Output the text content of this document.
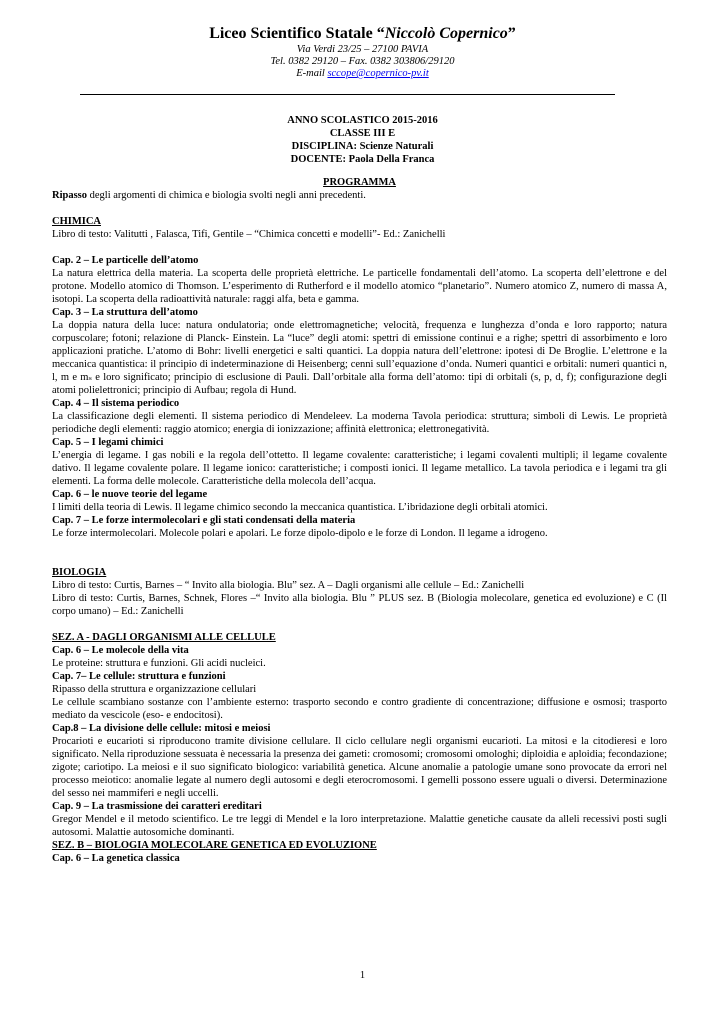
Liceo Scientifico Statale “Niccolò Copernico”
Via Verdi 23/25 – 27100 PAVIA
Tel. 0382 29120 – Fax. 0382 303806/29120
E-mail sccope@copernico-pv.it
ANNO SCOLASTICO 2015-2016
CLASSE III E
DISCIPLINA: Scienze Naturali
DOCENTE: Paola Della Franca

PROGRAMMA

Ripasso degli argomenti di chimica e biologia svolti negli anni precedenti.

CHIMICA

Libro di testo: Valitutti , Falasca, Tifi, Gentile – “Chimica concetti e modelli”- Ed.: Zanichelli

Cap. 2 – Le particelle dell’atomo

La natura elettrica della materia. La scoperta delle proprietà elettriche. Le particelle fondamentali dell’atomo. La scoperta dell’elettrone e del protone. Modello atomico di Thomson. L’esperimento di Rutherford e il modello atomico “planetario”. Numero atomico Z, numero di massa A, isotopi. La scoperta della radioattività naturale: raggi alfa, beta e gamma.

Cap. 3 – La struttura dell’atomo

La doppia natura della luce: natura ondulatoria; onde elettromagnetiche; velocità, frequenza e lunghezza d’onda e loro rapporto; natura corpuscolare; fotoni; relazione di Planck- Einstein. La “luce” degli atomi: spettri di emissione continui e a righe; spettri di assorbimento e loro applicazioni pratiche. L’atomo di Bohr: livelli energetici e salti quantici. La doppia natura dell’elettrone: ipotesi di De Broglie. L’elettrone e la meccanica quantistica: il principio di indeterminazione di Heisenberg; cenni sull’equazione d’onda. Numeri quantici e orbitali: numeri quantici n, l, m e mₛ e loro significato; principio di esclusione di Pauli. Dall’orbitale alla forma dell’atomo: tipi di orbitali (s, p, d, f); configurazione degli atomi polielettronici; principio di Aufbau; regola di Hund.

Cap. 4 – Il sistema periodico

La classificazione degli elementi. Il sistema periodico di Mendeleev. La moderna Tavola periodica: struttura; simboli di Lewis. Le proprietà periodiche degli elementi: raggio atomico; energia di ionizzazione; affinità elettronica; elettronegatività.

Cap. 5 – I legami chimici

L’energia di legame. I gas nobili e la regola dell’ottetto. Il legame covalente: caratteristiche; i legami covalenti multipli; il legame covalente dativo. Il legame covalente polare. Il legame ionico: caratteristiche; i composti ionici. Il legame metallico. La tavola periodica e i legami tra gli elementi. La forma delle molecole. Caratteristiche della molecola dell’acqua.

Cap. 6 – le nuove teorie del legame

I limiti della teoria di Lewis. Il legame chimico secondo la meccanica quantistica. L’ibridazione degli orbitali atomici.

Cap. 7 – Le forze intermolecolari e gli stati condensati della materia

Le forze intermolecolari. Molecole polari e apolari. Le forze dipolo-dipolo e le forze di London. Il legame a idrogeno.

BIOLOGIA

Libro di testo: Curtis, Barnes – “ Invito alla biologia. Blu” sez. A – Dagli organismi alle cellule – Ed.: Zanichelli

Libro di testo: Curtis, Barnes, Schnek, Flores –“ Invito alla biologia. Blu ” PLUS sez. B (Biologia molecolare, genetica ed evoluzione) e C (Il corpo umano) – Ed.: Zanichelli

SEZ. A - DAGLI ORGANISMI ALLE CELLULE

Cap. 6 – Le molecole della vita

Le proteine: struttura e funzioni. Gli acidi nucleici.

Cap. 7– Le cellule: struttura e funzioni

Ripasso della struttura e organizzazione cellulari

Le cellule scambiano sostanze con l’ambiente esterno: trasporto secondo e contro gradiente di concentrazione; diffusione e osmosi; trasporto mediato da vescicole (eso- e endocitosi).

Cap.8 – La divisione delle cellule: mitosi e meiosi

Procarioti e eucarioti si riproducono tramite divisione cellulare. Il ciclo cellulare negli organismi eucarioti. La mitosi e la citodieresi e loro significato. Nella riproduzione sessuata è necessaria la presenza dei gameti: cromosomi; cromosomi omologhi; diploidia e aploidia; fecondazione; zigote; cariotipo. La meiosi e il suo significato biologico: variabilità genetica. Alcune anomalie a patologie umane sono provocate da errori nel processo meiotico: anomalie legate al numero degli autosomi e degli eterocromosomi. I gemelli possono essere uguali o diversi. Determinazione del sesso nei mammiferi e negli uccelli.

Cap. 9 – La trasmissione dei caratteri ereditari

Gregor Mendel e il metodo scientifico. Le tre leggi di Mendel e la loro interpretazione. Malattie genetiche causate da alleli recessivi posti sugli autosomi. Malattie autosomiche dominanti.

SEZ. B – BIOLOGIA MOLECOLARE GENETICA ED EVOLUZIONE

Cap. 6 – La genetica classica

1
